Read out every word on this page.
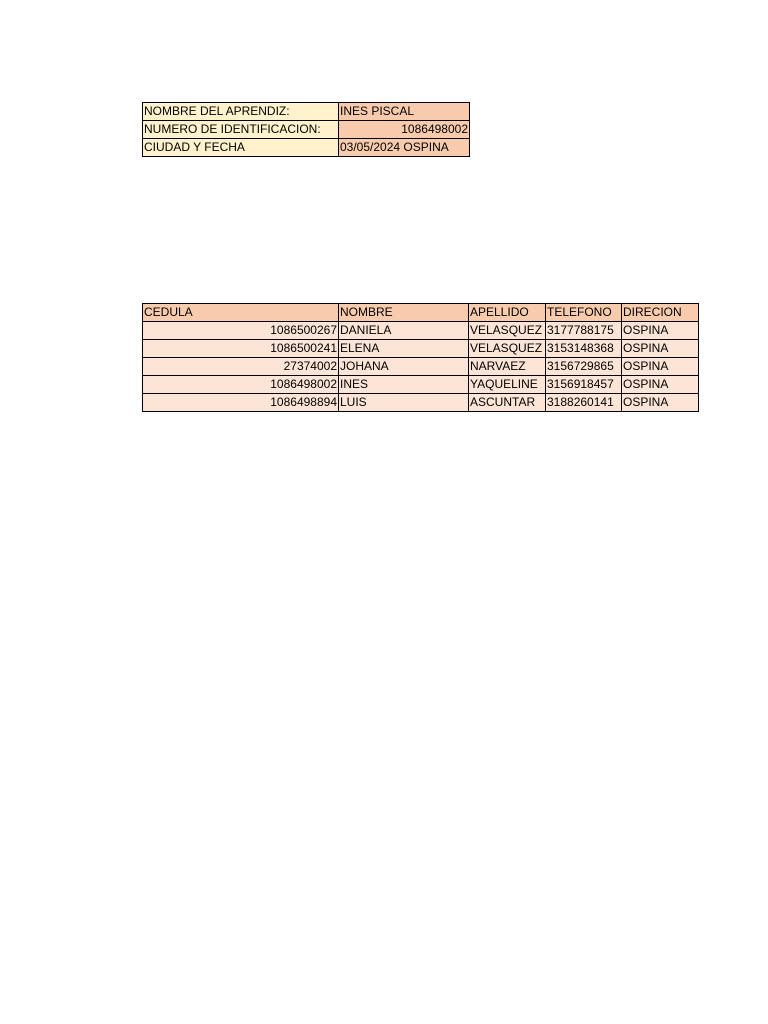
NOMBRE DEL APRENDIZ:	INES PISCAL
NUMERO DE IDENTIFICACION:	1086498002
CIUDAD Y FECHA	03/05/2024 OSPINA
CEDULA	NOMBRE	APELLIDO	TELEFONO	DIRECION
1086500267	DANIELA	VELASQUEZ	3177788175	OSPINA
1086500241	ELENA	VELASQUEZ	3153148368	OSPINA
27374002	JOHANA	NARVAEZ	3156729865	OSPINA
1086498002	INES	YAQUELINE	3156918457	OSPINA
1086498894	LUIS	ASCUNTAR	3188260141	OSPINA
